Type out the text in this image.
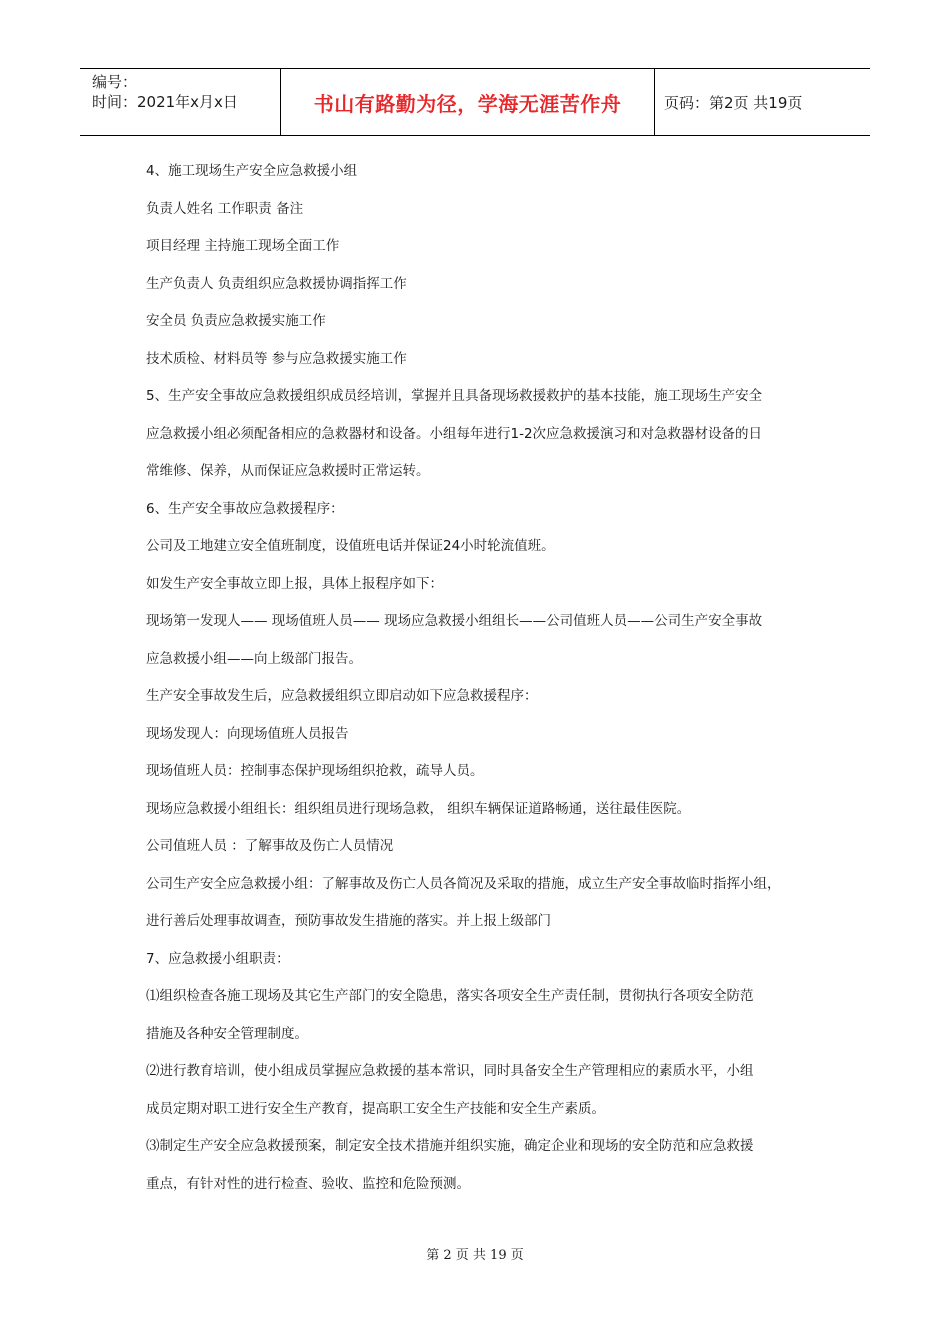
编号：
时间：2021年x月x日	书山有路勤为径，学海无涯苦作舟	页码：第2页 共19页
4、施工现场生产安全应急救援小组
负责人姓名 工作职责 备注
项目经理 主持施工现场全面工作
生产负责人 负责组织应急救援协调指挥工作
安全员 负责应急救援实施工作
技术质检、材料员等 参与应急救援实施工作
5、生产安全事故应急救援组织成员经培训，掌握并且具备现场救援救护的基本技能，施工现场生产安全
应急救援小组必须配备相应的急救器材和设备。小组每年进行1-2次应急救援演习和对急救器材设备的日
常维修、保养，从而保证应急救援时正常运转。
6、生产安全事故应急救援程序：
公司及工地建立安全值班制度，设值班电话并保证24小时轮流值班。
如发生产安全事故立即上报，具体上报程序如下：
现场第一发现人—— 现场值班人员—— 现场应急救援小组组长——公司值班人员——公司生产安全事故
应急救援小组——向上级部门报告。
生产安全事故发生后，应急救援组织立即启动如下应急救援程序：
现场发现人：向现场值班人员报告
现场值班人员：控制事态保护现场组织抢救，疏导人员。
现场应急救援小组组长：组织组员进行现场急救， 组织车辆保证道路畅通，送往最佳医院。
公司值班人员 ：了解事故及伤亡人员情况
公司生产安全应急救援小组：了解事故及伤亡人员各简况及采取的措施，成立生产安全事故临时指挥小组，
进行善后处理事故调查，预防事故发生措施的落实。并上报上级部门
7、应急救援小组职责：
⑴组织检查各施工现场及其它生产部门的安全隐患，落实各项安全生产责任制，贯彻执行各项安全防范
措施及各种安全管理制度。
⑵进行教育培训，使小组成员掌握应急救援的基本常识，同时具备安全生产管理相应的素质水平，小组
成员定期对职工进行安全生产教育，提高职工安全生产技能和安全生产素质。
⑶制定生产安全应急救援预案，制定安全技术措施并组织实施，确定企业和现场的安全防范和应急救援
重点，有针对性的进行检查、验收、监控和危险预测。
第 2 页 共 19 页
